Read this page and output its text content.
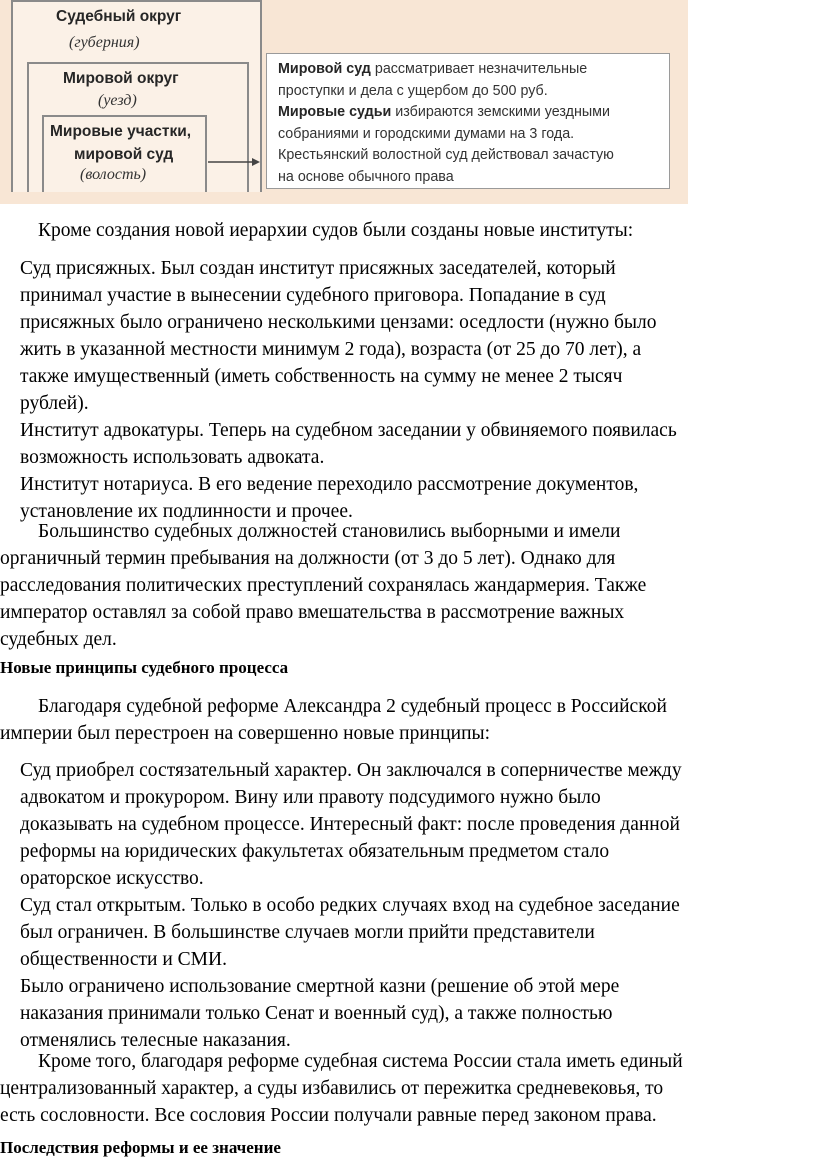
Судебный округ
(губерния)
Мировой округ
(уезд)
Мировые участки,
мировой суд
(волость)
Мировой суд рассматривает незначительные
проступки и дела с ущербом до 500 руб.
Мировые судьи избираются земскими уездными
собраниями и городскими думами на 3 года.
Крестьянский волостной суд действовал зачастую
на основе обычного права
Кроме создания новой иерархии судов были созданы новые институты:
Суд присяжных. Был создан институт присяжных заседателей, который
принимал участие в вынесении судебного приговора. Попадание в суд
присяжных было ограничено несколькими цензами: оседлости (нужно было
жить в указанной местности минимум 2 года), возраста (от 25 до 70 лет), а
также имущественный (иметь собственность на сумму не менее 2 тысяч
рублей).
Институт адвокатуры. Теперь на судебном заседании у обвиняемого появилась
возможность использовать адвоката.
Институт нотариуса. В его ведение переходило рассмотрение документов,
установление их подлинности и прочее.
Большинство судебных должностей становились выборными и имели
органичный термин пребывания на должности (от 3 до 5 лет). Однако для
расследования политических преступлений сохранялась жандармерия. Также
император оставлял за собой право вмешательства в рассмотрение важных
судебных дел.
Новые принципы судебного процесса
Благодаря судебной реформе Александра 2 судебный процесс в Российской
империи был перестроен на совершенно новые принципы:
Суд приобрел состязательный характер. Он заключался в соперничестве между
адвокатом и прокурором. Вину или правоту подсудимого нужно было
доказывать на судебном процессе. Интересный факт: после проведения данной
реформы на юридических факультетах обязательным предметом стало
ораторское искусство.
Суд стал открытым. Только в особо редких случаях вход на судебное заседание
был ограничен. В большинстве случаев могли прийти представители
общественности и СМИ.
Было ограничено использование смертной казни (решение об этой мере
наказания принимали только Сенат и военный суд), а также полностью
отменялись телесные наказания.
Кроме того, благодаря реформе судебная система России стала иметь единый
централизованный характер, а суды избавились от пережитка средневековья, то
есть сословности. Все сословия России получали равные перед законом права.
Последствия реформы и ее значение
